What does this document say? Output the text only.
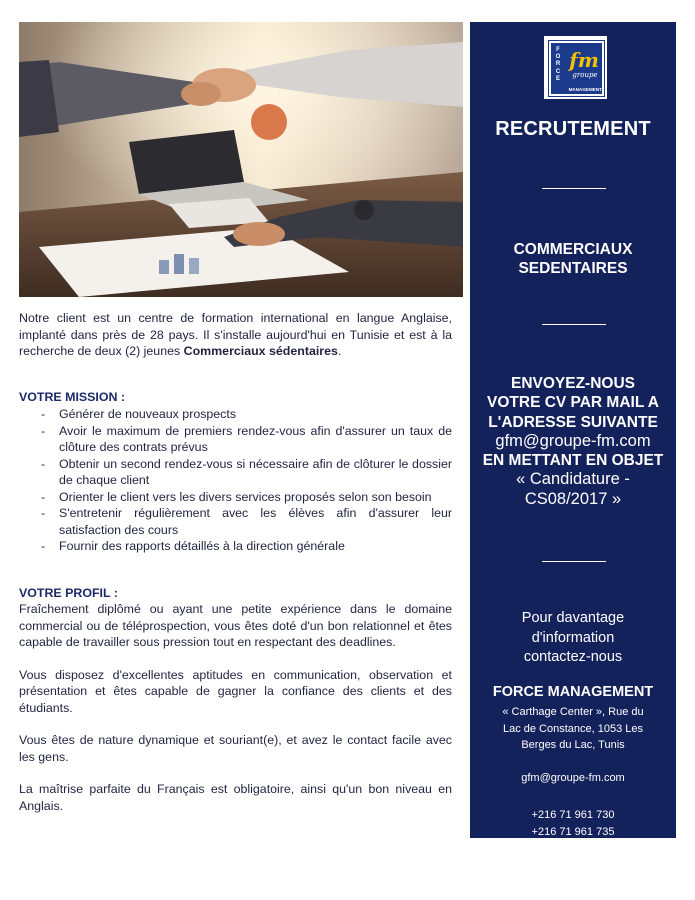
Notre client est un centre de formation international en langue Anglaise, implanté dans près de 28 pays. Il s'installe aujourd'hui en Tunisie et est à la recherche de deux (2) jeunes Commerciaux sédentaires.

VOTRE MISSION :
- Générer de nouveaux prospects
- Avoir le maximum de premiers rendez-vous afin d'assurer un taux de clôture des contrats prévus
- Obtenir un second rendez-vous si nécessaire afin de clôturer le dossier de chaque client
- Orienter le client vers les divers services proposés selon son besoin
- S'entretenir régulièrement avec les élèves afin d'assurer leur satisfaction des cours
- Fournir des rapports détaillés à la direction générale
VOTRE PROFIL :

Fraîchement diplômé ou ayant une petite expérience dans le domaine commercial ou de téléprospection, vous êtes doté d'un bon relationnel et êtes capable de travailler sous pression tout en respectant des deadlines.

Vous disposez d'excellentes aptitudes en communication, observation et présentation et êtes capable de gagner la confiance des clients et des étudiants.

Vous êtes de nature dynamique et souriant(e), et avez le contact facile avec les gens.

La maîtrise parfaite du Français est obligatoire, ainsi qu'un bon niveau en Anglais.

F
O
R
C
E
fm
groupe
MANAGEMENT
RECRUTEMENT
COMMERCIAUX
SEDENTAIRES
ENVOYEZ-NOUS
VOTRE CV PAR MAIL A
L'ADRESSE SUIVANTE
gfm@groupe-fm.com
EN METTANT EN OBJET
« Candidature -
CS08/2017 »
Pour davantage
d'information
contactez-nous
FORCE MANAGEMENT
« Carthage Center », Rue du
Lac de Constance, 1053 Les
Berges du Lac, Tunis
gfm@groupe-fm.com
+216 71 961 730
+216 71 961 735
